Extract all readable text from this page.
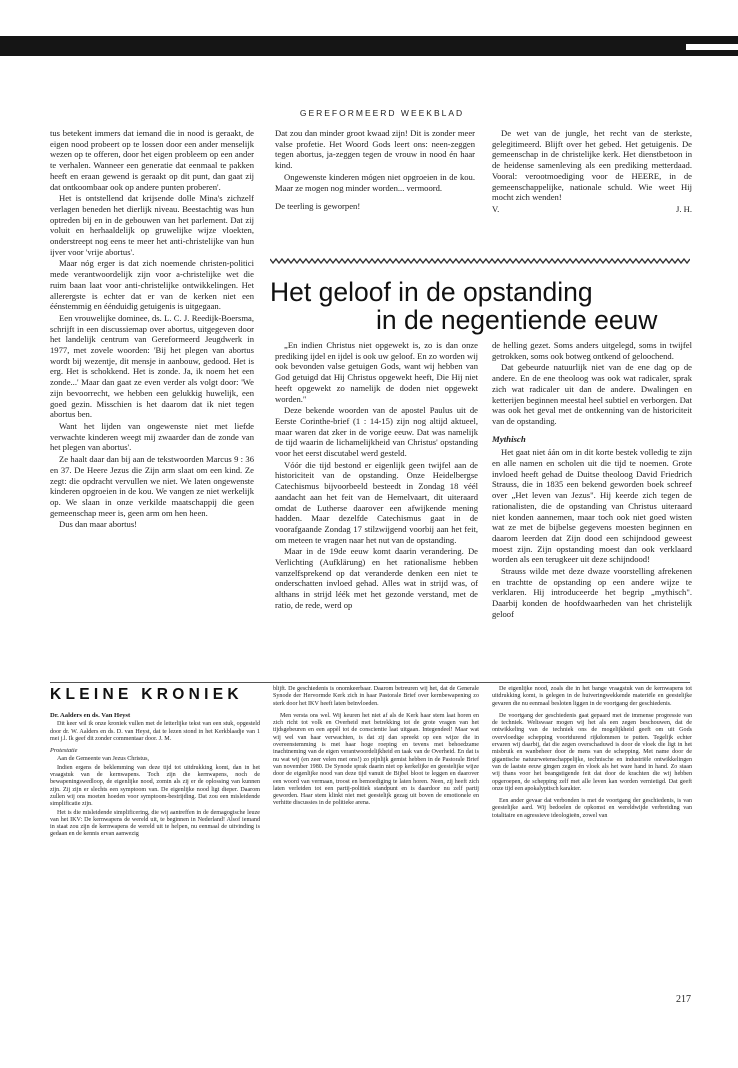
GEREFORMEERD WEEKBLAD

tus betekent immers dat iemand die in nood is geraakt, de eigen nood probeert op te lossen door een ander menselijk wezen op te offeren, door het eigen probleem op een ander te verhalen. Wanneer een generatie dat eenmaal te pakken heeft en eraan gewend is geraakt op dit punt, dan gaat zij dat ontkoombaar ook op andere punten proberen'.

Het is ontstellend dat krijsende dolle Mina's zichzelf verlagen beneden het dierlijk niveau. Beestachtig was hun optreden bij en in de gebouwen van het parlement. Dat zij voluit en herhaaldelijk op gruwelijke wijze vloekten, onderstreept nog eens te meer het anti-christelijke van hun ijver voor 'vrije abortus'.

Maar nóg erger is dat zich noemende christen-politici mede verantwoordelijk zijn voor a-christelijke wet die ruim baan laat voor anti-christelijke ontwikkelingen. Het allerergste is echter dat er van de kerken niet een éénstemmig en éénduidig getuigenis is uitgegaan.

Een vrouwelijke dominee, ds. L. C. J. Reedijk-Boersma, schrijft in een discussiemap over abortus, uitgegeven door het landelijk centrum van Gereformeerd Jeugdwerk in 1977, met zovele woorden: 'Bij het plegen van abortus wordt bij wezentje, dit mensje in aanbouw, gedood. Het is erg. Het is schokkend. Het is zonde. Ja, ik noem het een zonde...' Maar dan gaat ze even verder als volgt door: 'We zijn bevoorrecht, we hebben een gelukkig huwelijk, een goed gezin. Misschien is het daarom dat ik niet tegen abortus ben.

Want het lijden van ongewenste niet met liefde verwachte kinderen weegt mij zwaarder dan de zonde van het plegen van abortus'.

Ze haalt daar dan bij aan de tekstwoorden Marcus 9 : 36 en 37. De Heere Jezus die Zijn arm slaat om een kind. Ze zegt: die opdracht vervullen we niet. We laten ongewenste kinderen opgroeien in de kou. We vangen ze niet werkelijk op. We slaan in onze verkilde maatschappij die geen gemeenschap meer is, geen arm om hen heen.

Dus dan maar abortus!

Dat zou dan minder groot kwaad zijn! Dit is zonder meer valse profetie. Het Woord Gods leert ons: neen-zeggen tegen abortus, ja-zeggen tegen de vrouw in nood én haar kind.

Ongewenste kinderen mógen niet opgroeien in de kou. Maar ze mogen nog minder worden... vermoord.

De teerling is geworpen!

De wet van de jungle, het recht van de sterkste, gelegitimeerd. Blijft over het gebed. Het getuigenis. De gemeenschap in de christelijke kerk. Het dienstbetoon in de heidense samenleving als een prediking metterdaad. Vooral: verootmoediging voor de HEERE, in de gemeenschappelijke, nationale schuld. Wie weet Hij mocht zich wenden!

V.	J. H.

Het geloof in de opstanding
in de negentiende eeuw

„En indien Christus niet opgewekt is, zo is dan onze prediking ijdel en ijdel is ook uw geloof. En zo worden wij ook bevonden valse getuigen Gods, want wij hebben van God getuigd dat Hij Christus opgewekt heeft, Die Hij niet heeft opgewekt zo namelijk de doden niet opgewekt worden."

Deze bekende woorden van de apostel Paulus uit de Eerste Corinthe-brief (1 : 14-15) zijn nog altijd aktueel, maar waren dat zker in de vorige eeuw. Dat was namelijk de tijd waarin de lichamelijkheid van Christus' opstanding voor het eerst discutabel werd gesteld.

Vóór die tijd bestond er eigenlijk geen twijfel aan de historiciteit van de opstanding. Onze Heidelbergse Catechismus bijvoorbeeld besteedt in Zondag 18 véél aandacht aan het feit van de Hemelvaart, dit uiteraard omdat de Lutherse daarover een afwijkende mening hadden. Maar dezelfde Catechismus gaat in de voorafgaande Zondag 17 stilzwijgend voorbij aan het feit, om meteen te vragen naar het nut van de opstanding.

Maar in de 19de eeuw komt daarin verandering. De Verlichting (Aufklärung) en het rationalisme hebben vanzelfsprekend op dat veranderde denken een niet te onderschatten invloed gehad. Alles wat in strijd was, of althans in strijd léék met het gezonde verstand, met de ratio, de rede, werd op

de helling gezet. Soms anders uitgelegd, soms in twijfel getrokken, soms ook botweg ontkend of geloochend.

Dat gebeurde natuurlijk niet van de ene dag op de andere. En de ene theoloog was ook wat radicaler, sprak zich wat radicaler uit dan de andere. Dwalingen en ketterijen beginnen meestal heel subtiel en verborgen. Dat was ook het geval met de ontkenning van de historiciteit van de opstanding.

Mythisch

Het gaat niet áán om in dit korte bestek volledig te zijn en alle namen en scholen uit die tijd te noemen. Grote invloed heeft gehad de Duitse theoloog David Friedrich Strauss, die in 1835 een bekend geworden boek schreef over „Het leven van Jezus". Hij keerde zich tegen de rationalisten, die de opstanding van Christus uiteraard niet konden aannemen, maar toch ook niet goed wisten wat ze met de bijbelse gegevens moesten beginnen en daarom leerden dat Zijn dood een schijndood geweest moest zijn. Zijn opstanding moest dan ook verklaard worden als een terugkeer uit deze schijndood!

Strauss wilde met deze dwaze voorstelling afrekenen en trachtte de opstanding op een andere wijze te verklaren. Hij introduceerde het begrip „mythisch". Daarbij konden de hoofdwaarheden van het christelijk geloof

KLEINE KRONIEK
Dr. Aalders en ds. Van Heyst

Dit keer wil ik onze kroniek vullen met de letterlijke tekst van een stuk, opgesteld door dr. W. Aalders en ds. D. van Heyst, dat te lezen stond in het Kerkblaadje van 1 mei j.l. Ik geef dit zonder commentaar door. J. M.

Protestatie

Aan de Gemeente van Jezus Christus,

Indien ergens de beklemming van deze tijd tot uitdrukking komt, dan in het vraagstuk van de kernwapens. Toch zijn die kernwapens, noch de bewapeningswedloop, de eigenlijke nood, zomin als zij er de oplossing van kunnen zijn. Zij zijn er slechts een symptoom van. De eigenlijke nood ligt dieper. Daarom zullen wij ons moeten hoeden voor symptoom-bestrijding. Dat zou een misleidende simplificatie zijn.

Het is die misleidende simplificering, die wij aantreffen in de demagogische leuze van het IKV: De kernwapens de wereld uit, te beginnen in Nederland! Alsof iemand in staat zou zijn de kernwapens de wereld uit te helpen, nu eenmaal de uitvinding is gedaan en de kennis ervan aanwezig

blijft. De geschiedenis is onomkeerbaar. Daarom betreuren wij het, dat de Generale Synode der Hervormde Kerk zich in haar Pastorale Brief over kernbewapening zo sterk door het IKV heeft laten beïnvloeden.

Men versta ons wel. Wij keuren het niet af als de Kerk haar stem laat horen en zich richt tot volk en Overheid met betrekking tot de grote vragen van het tijdsgebeuren en een appèl tot de conscientie laat uitgaan. Integendeel! Maar wat wij wel van haar verwachten, is dat zij dan spreekt op een wijze die in overeenstemming is met haar hoge roeping en tevens met behoedzame inachtneming van de eigen verantwoordelijkheid en taak van de Overheid. En dat is nu wat wij (en zeer velen met ons!) zo pijnlijk gemist hebben in de Pastorale Brief van november 1980. De Synode sprak daarin niet op kerkelijke en geestelijke wijze door de eigenlijke nood van deze tijd vanuit de Bijbel bloot te leggen en daarover een woord van vermaan, troost en bemoediging te laten horen. Neen, zij heeft zich laten verleiden tot een partij-politiek standpunt en is daardoor nu zelf partij geworden. Haar stem klinkt niet met geestelijk gezag uit boven de emotionele en verhitte discussies in de politieke arena.

De eigenlijke nood, zoals die in het bange vraagstuk van de kernwapens tot uitdrukking komt, is gelegen in de huiveringwekkende materiële en geestelijke gevaren die nu eenmaal besloten liggen in de voortgang der geschiedenis.

De voortgang der geschiedenis gaat gepaard met de immense progressie van de techniek. Weliswaar mogen wij het als een zegen beschouwen, dat de ontwikkeling van de techniek ons de mogelijkheid geeft om uit Gods overvloedige schepping voortdurend rijkdommen te putten. Tegelijk echter ervaren wij daarbij, dat die zegen overschaduwd is door de vloek die ligt in het misbruik en wanbeheer door de mens van de schepping. Met name door de gigantische natuurwetenschappelijke, technische en industriële ontwikkelingen van de laatste eeuw gingen zegen én vloek als het ware hand in hand. Zo staan wij thans voor het beangstigende feit dat door de krachten die wij hebben opgeroepen, de schepping zelf met alle leven kan worden vernietigd. Dat geeft onze tijd een apokalyptisch karakter.

Een ander gevaar dat verbonden is met de voortgang der geschiedenis, is van geestelijke aard. Wij bedoelen de opkomst en wereldwijde verbreiding van totalitaire en agressieve ideologieën, zowel van

217
